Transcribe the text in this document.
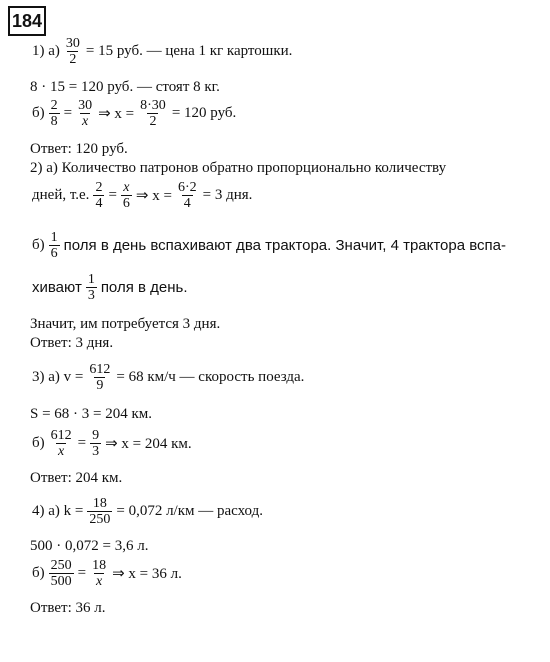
184
1) $а) \frac{30}{2} = 15$ руб. — цена 1 кг картошки.
8 · 15 = 120 руб. — стоят 8 кг.
$б) \frac{2}{8} = \frac{30}{x}$ ⇒ $x = \frac{8\cdot 30}{2} = 120$ руб.
Ответ: 120 руб.
2) а) Количество патронов обратно пропорционально количеству
дней, т.е. $\frac{2}{4} = \frac{x}{6}$ ⇒ $x = \frac{6\cdot 2}{4} = 3$ дня.
$б) \frac{1}{6}$ поля в день вспахивают два трактора. Значит, 4 трактора вспа-
хивают $\frac{1}{3}$ поля в день.
Значит, им потребуется 3 дня.
Ответ: 3 дня.
3) а) $v = \frac{612}{9} = 68$ км/ч — скорость поезда.
S = 68 · 3 = 204 км.
$б) \frac{612}{x} = \frac{9}{3}$ ⇒ x = 204 км.
Ответ: 204 км.
4) а) $k = \frac{18}{250} = 0,072$ л/км — расход.
500 · 0,072 = 3,6 л.
$б) \frac{250}{500} = \frac{18}{x}$ ⇒ x = 36 л.
Ответ: 36 л.
